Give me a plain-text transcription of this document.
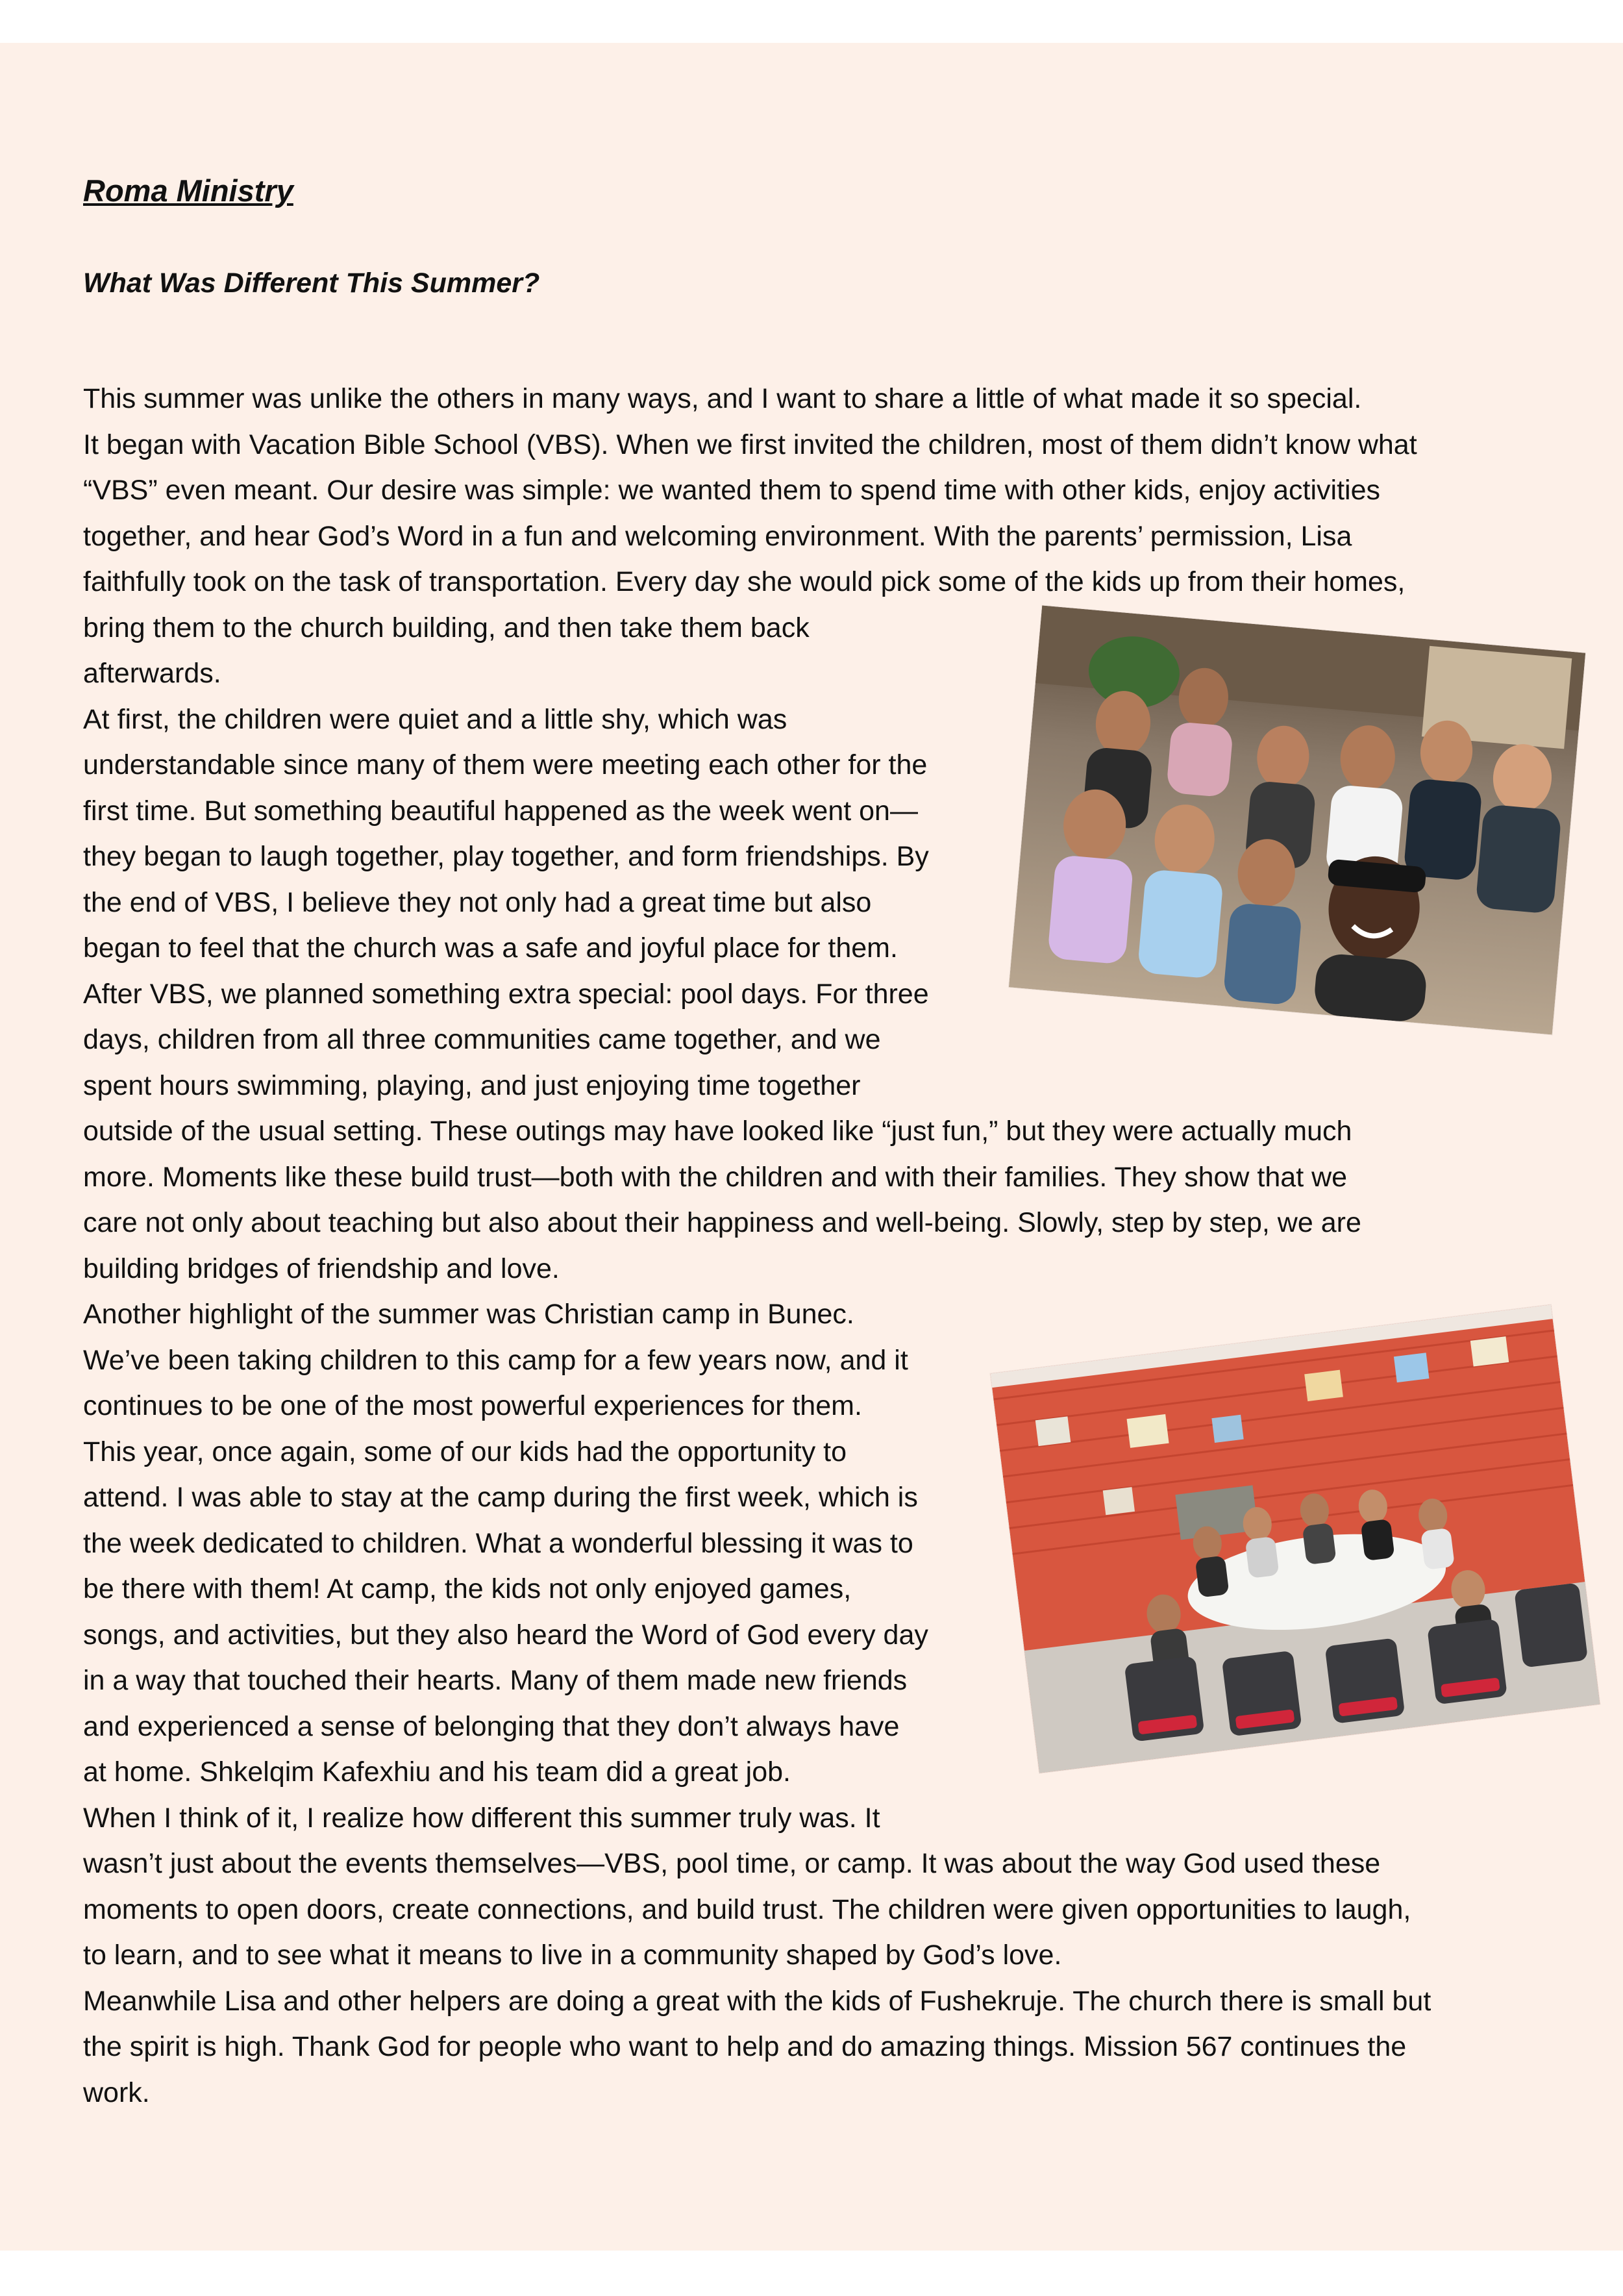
Roma Ministry
What Was Different This Summer?
This summer was unlike the others in many ways, and I want to share a little of what made it so special.
It began with Vacation Bible School (VBS). When we first invited the children, most of them didn’t know what
“VBS” even meant. Our desire was simple: we wanted them to spend time with other kids, enjoy activities
together, and hear God’s Word in a fun and welcoming environment. With the parents’ permission, Lisa
faithfully took on the task of transportation. Every day she would pick some of the kids up from their homes,
bring them to the church building, and then take them back
afterwards.
At first, the children were quiet and a little shy, which was
understandable since many of them were meeting each other for the
first time. But something beautiful happened as the week went on—
they began to laugh together, play together, and form friendships. By
the end of VBS, I believe they not only had a great time but also
began to feel that the church was a safe and joyful place for them.
After VBS, we planned something extra special: pool days. For three
days, children from all three communities came together, and we
spent hours swimming, playing, and just enjoying time together
outside of the usual setting. These outings may have looked like “just fun,” but they were actually much
more. Moments like these build trust—both with the children and with their families. They show that we
care not only about teaching but also about their happiness and well-being. Slowly, step by step, we are
building bridges of friendship and love.
Another highlight of the summer was Christian camp in Bunec.
We’ve been taking children to this camp for a few years now, and it
continues to be one of the most powerful experiences for them.
This year, once again, some of our kids had the opportunity to
attend. I was able to stay at the camp during the first week, which is
the week dedicated to children. What a wonderful blessing it was to
be there with them! At camp, the kids not only enjoyed games,
songs, and activities, but they also heard the Word of God every day
in a way that touched their hearts. Many of them made new friends
and experienced a sense of belonging that they don’t always have
at home. Shkelqim Kafexhiu and his team did a great job.
When I think of it, I realize how different this summer truly was. It
wasn’t just about the events themselves—VBS, pool time, or camp. It was about the way God used these
moments to open doors, create connections, and build trust. The children were given opportunities to laugh,
to learn, and to see what it means to live in a community shaped by God’s love.
Meanwhile Lisa and other helpers are doing a great with the kids of Fushekruje. The church there is small but
the spirit is high. Thank God for people who want to help and do amazing things. Mission 567 continues the
work.
